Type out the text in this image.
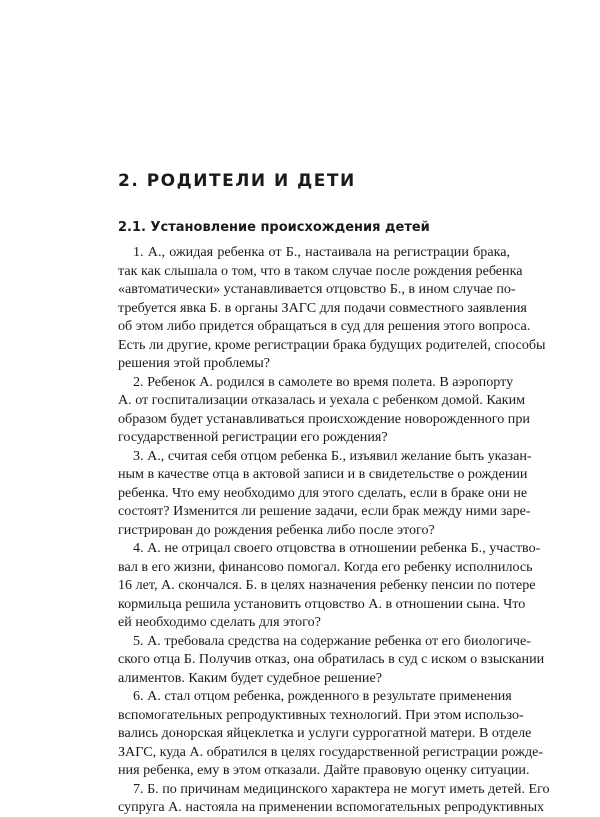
2. РОДИТЕЛИ И ДЕТИ
2.1. Установление происхождения детей
1. А., ожидая ребенка от Б., настаивала на регистрации брака,
так как слышала о том, что в таком случае после рождения ребенка
«автоматически» устанавливается отцовство Б., в ином случае по-
требуется явка Б. в органы ЗАГС для подачи совместного заявления
об этом либо придется обращаться в суд для решения этого вопроса.
Есть ли другие, кроме регистрации брака будущих родителей, способы
решения этой проблемы?
2. Ребенок А. родился в самолете во время полета. В аэропорту
А. от госпитализации отказалась и уехала с ребенком домой. Каким
образом будет устанавливаться происхождение новорожденного при
государственной регистрации его рождения?
3. А., считая себя отцом ребенка Б., изъявил желание быть указан-
ным в качестве отца в актовой записи и в свидетельстве о рождении
ребенка. Что ему необходимо для этого сделать, если в браке они не
состоят? Изменится ли решение задачи, если брак между ними заре-
гистрирован до рождения ребенка либо после этого?
4. А. не отрицал своего отцовства в отношении ребенка Б., участво-
вал в его жизни, финансово помогал. Когда его ребенку исполнилось
16 лет, А. скончался. Б. в целях назначения ребенку пенсии по потере
кормильца решила установить отцовство А. в отношении сына. Что
ей необходимо сделать для этого?
5. А. требовала средства на содержание ребенка от его биологиче-
ского отца Б. Получив отказ, она обратилась в суд с иском о взыскании
алиментов. Каким будет судебное решение?
6. А. стал отцом ребенка, рожденного в результате применения
вспомогательных репродуктивных технологий. При этом использо-
вались донорская яйцеклетка и услуги суррогатной матери. В отделе
ЗАГС, куда А. обратился в целях государственной регистрации рожде-
ния ребенка, ему в этом отказали. Дайте правовую оценку ситуации.
7. Б. по причинам медицинского характера не могут иметь детей. Его
супруга А. настояла на применении вспомогательных репродуктивных
